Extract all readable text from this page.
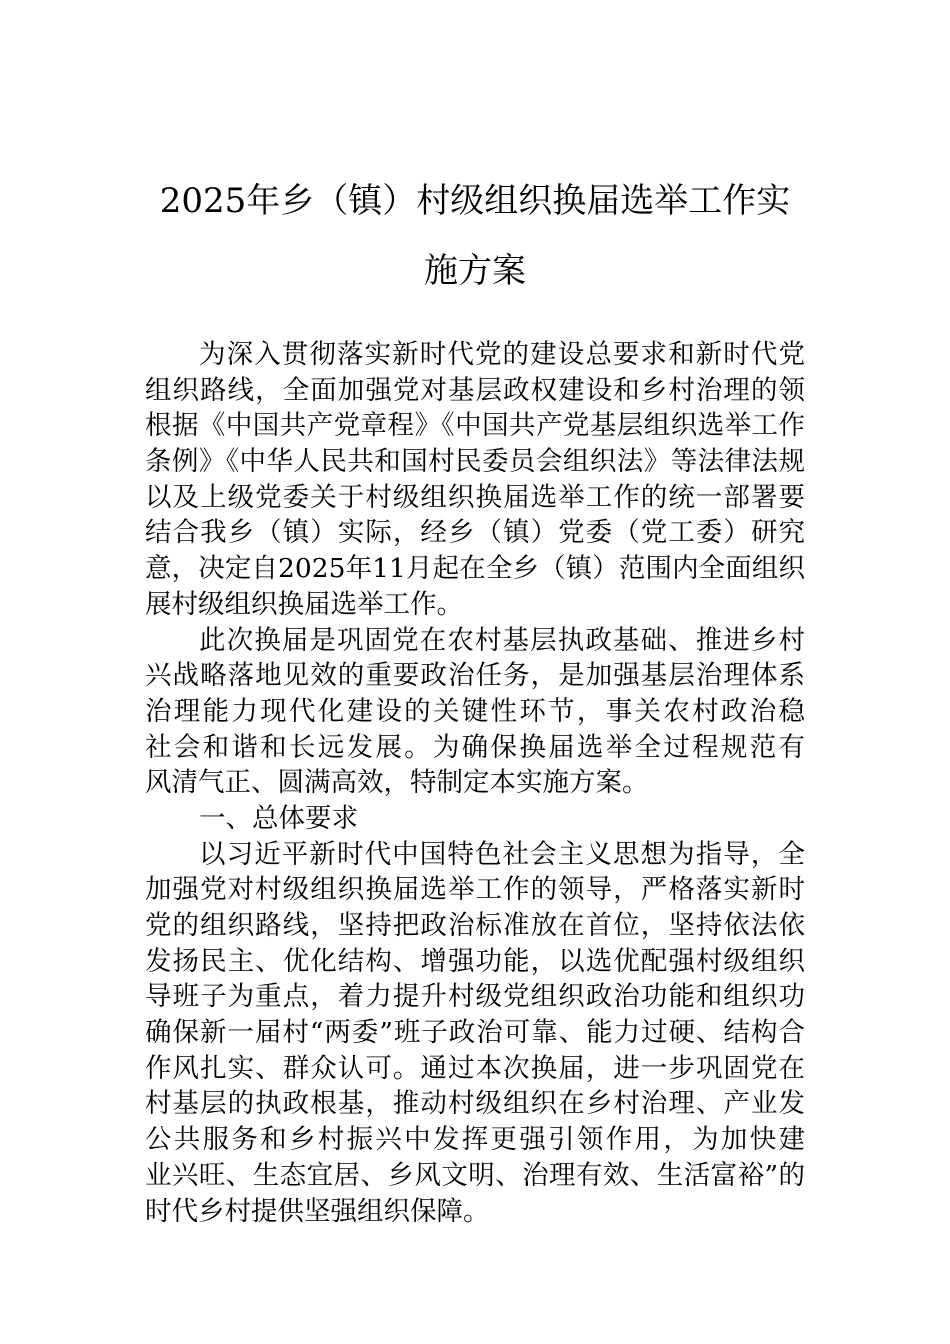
2025年乡（镇）村级组织换届选举工作实
施方案
为深入贯彻落实新时代党的建设总要求和新时代党
组织路线，全面加强党对基层政权建设和乡村治理的领
根据《中国共产党章程》《中国共产党基层组织选举工作
条例》《中华人民共和国村民委员会组织法》等法律法规
以及上级党委关于村级组织换届选举工作的统一部署要
结合我乡（镇）实际，经乡（镇）党委（党工委）研究
意，决定自2025年11月起在全乡（镇）范围内全面组织
展村级组织换届选举工作。
此次换届是巩固党在农村基层执政基础、推进乡村
兴战略落地见效的重要政治任务，是加强基层治理体系
治理能力现代化建设的关键性环节，事关农村政治稳
社会和谐和长远发展。为确保换届选举全过程规范有
风清气正、圆满高效，特制定本实施方案。
一、总体要求
以习近平新时代中国特色社会主义思想为指导，全
加强党对村级组织换届选举工作的领导，严格落实新时
党的组织路线，坚持把政治标准放在首位，坚持依法依
发扬民主、优化结构、增强功能，以选优配强村级组织
导班子为重点，着力提升村级党组织政治功能和组织功
确保新一届村“两委”班子政治可靠、能力过硬、结构合
作风扎实、群众认可。通过本次换届，进一步巩固党在
村基层的执政根基，推动村级组织在乡村治理、产业发
公共服务和乡村振兴中发挥更强引领作用，为加快建
业兴旺、生态宜居、乡风文明、治理有效、生活富裕”的
时代乡村提供坚强组织保障。
